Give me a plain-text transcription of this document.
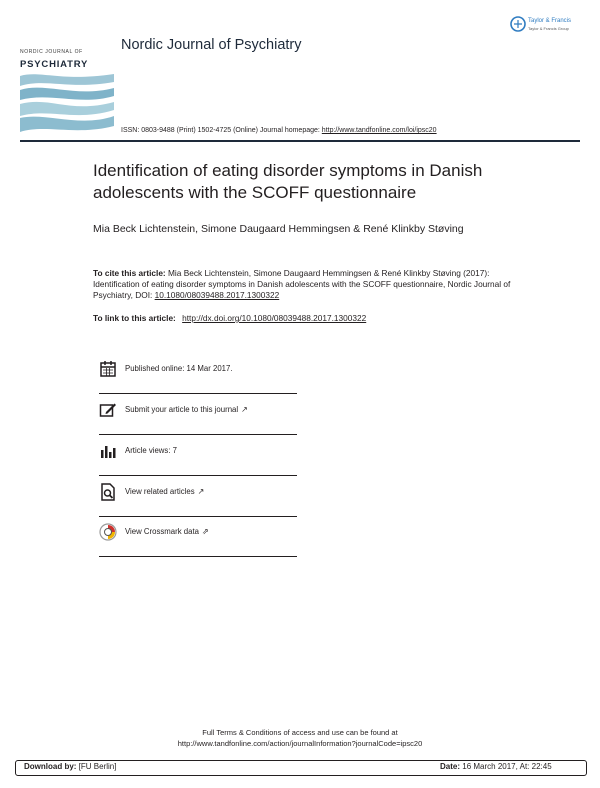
NORDIC JOURNAL OF
PSYCHIATRY
Nordic Journal of Psychiatry
Taylor & Francis
Taylor & Francis Group
ISSN: 0803-9488 (Print) 1502-4725 (Online) Journal homepage: http://www.tandfonline.com/loi/ipsc20
Identification of eating disorder symptoms in Danish adolescents with the SCOFF questionnaire
Mia Beck Lichtenstein, Simone Daugaard Hemmingsen & René Klinkby Støving
To cite this article: Mia Beck Lichtenstein, Simone Daugaard Hemmingsen & René Klinkby Støving (2017): Identification of eating disorder symptoms in Danish adolescents with the SCOFF questionnaire, Nordic Journal of Psychiatry, DOI: 10.1080/08039488.2017.1300322
To link to this article: http://dx.doi.org/10.1080/08039488.2017.1300322
Published online: 14 Mar 2017.
Submit your article to this journal ↗
Article views: 7
View related articles ↗
View Crossmark data ⇗
Full Terms & Conditions of access and use can be found at
http://www.tandfonline.com/action/journalInformation?journalCode=ipsc20
Download by: [FU Berlin]	Date: 16 March 2017, At: 22:45
